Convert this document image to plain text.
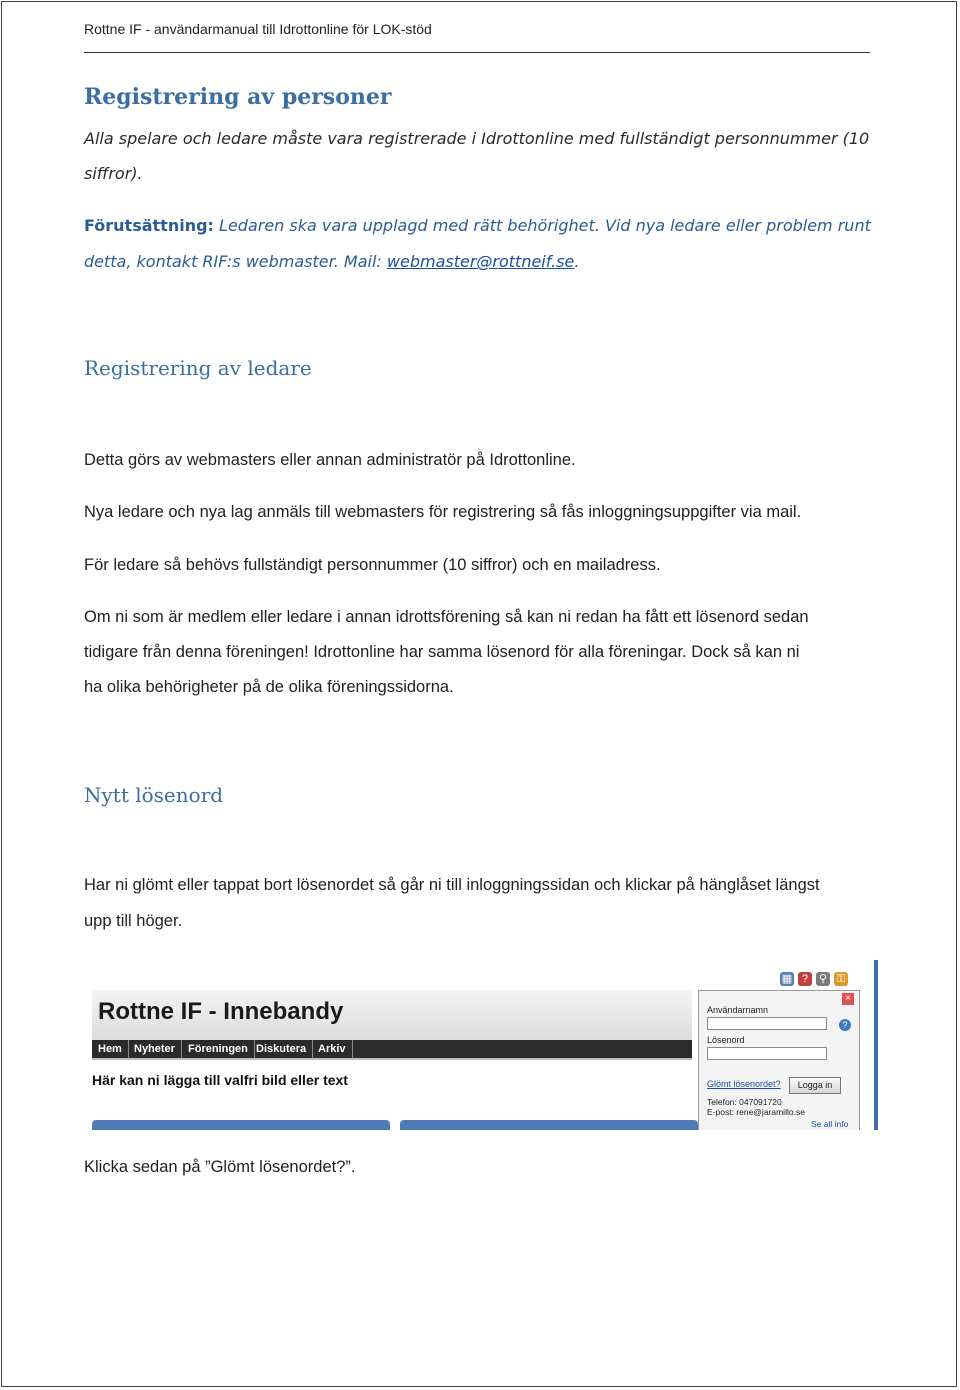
Rottne IF - användarmanual till Idrottonline för LOK-stöd
Registrering av personer
Alla spelare och ledare måste vara registrerade i Idrottonline med fullständigt personnummer (10
siffror).
Förutsättning: Ledaren ska vara upplagd med rätt behörighet. Vid nya ledare eller problem runt
detta, kontakt RIF:s webmaster. Mail: webmaster@rottneif.se.
Registrering av ledare
Detta görs av webmasters eller annan administratör på Idrottonline.
Nya ledare och nya lag anmäls till webmasters för registrering så fås inloggningsuppgifter via mail.
För ledare så behövs fullständigt personnummer (10 siffror) och en mailadress.
Om ni som är medlem eller ledare i annan idrottsförening så kan ni redan ha fått ett lösenord sedan
tidigare från denna föreningen! Idrottonline har samma lösenord för alla föreningar. Dock så kan ni
ha olika behörigheter på de olika föreningssidorna.
Nytt lösenord
Har ni glömt eller tappat bort lösenordet så går ni till inloggningssidan och klickar på hänglåset längst
upp till höger.
Rottne IF - Innebandy
Hem	Nyheter	Föreningen Diskutera	Arkiv
Här kan ni lägga till valfri bild eller text
▦ ? ⚲ ⚿
×
Användarnamn
?
Lösenord
Glömt lösenordet?	Logga in
Telefon: 047091720
E-post: rene@jaramillo.se
Se all info
Klicka sedan på ”Glömt lösenordet?”.
